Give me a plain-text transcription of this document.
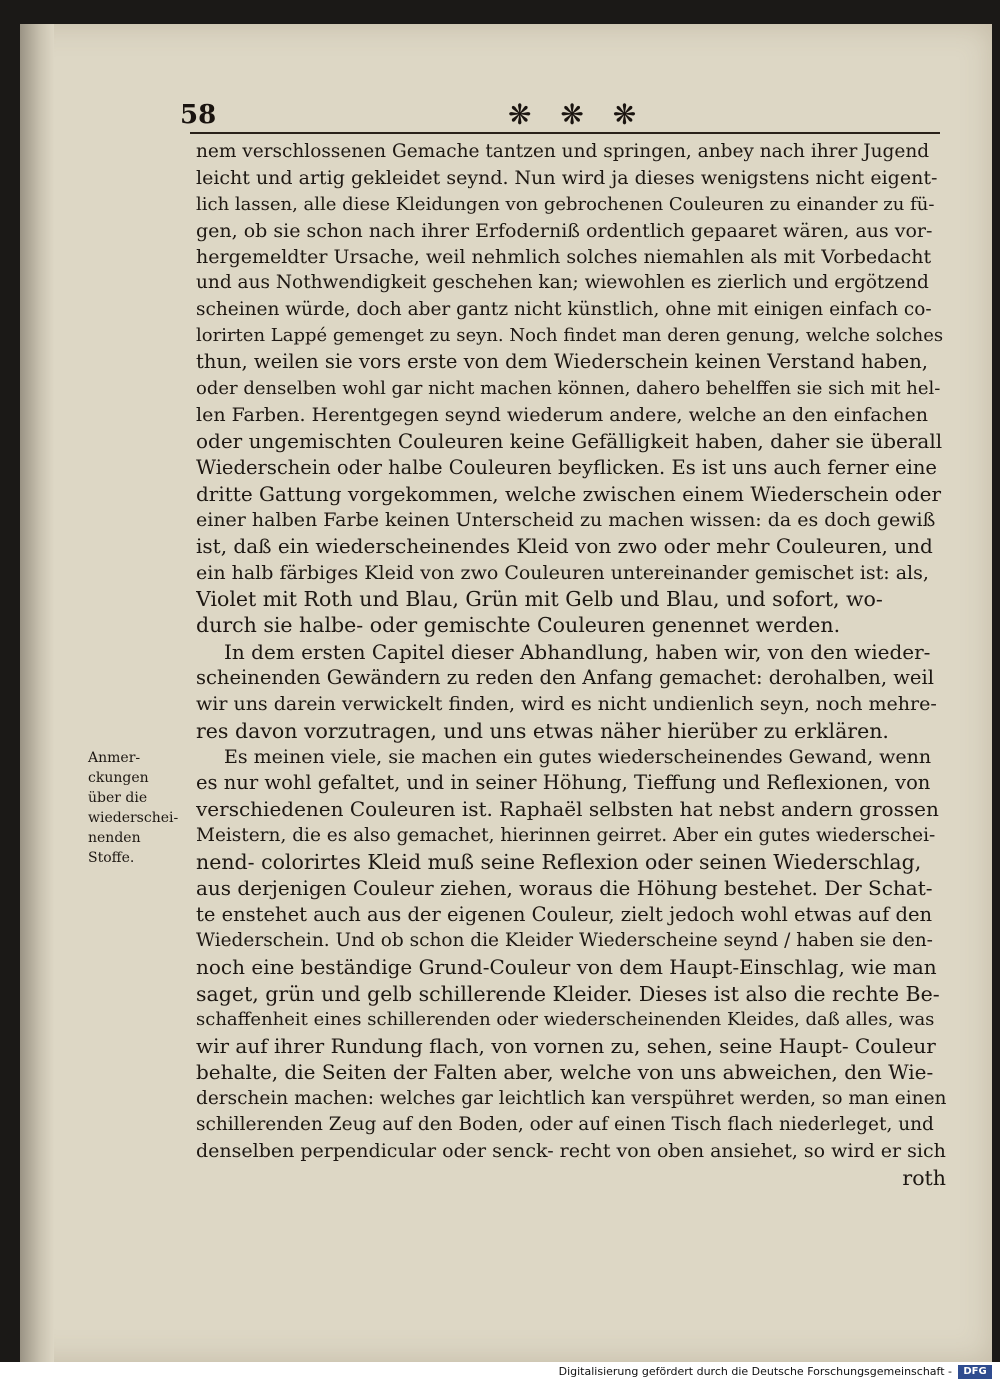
58	❋ ❋ ❋
nem verschlossenen Gemache tantzen und springen, anbey nach ihrer Jugend
leicht und artig gekleidet seynd. Nun wird ja dieses wenigstens nicht eigent-
lich lassen, alle diese Kleidungen von gebrochenen Couleuren zu einander zu fü-
gen, ob sie schon nach ihrer Erfoderniß ordentlich gepaaret wären, aus vor-
hergemeldter Ursache, weil nehmlich solches niemahlen als mit Vorbedacht
und aus Nothwendigkeit geschehen kan; wiewohlen es zierlich und ergötzend
scheinen würde, doch aber gantz nicht künstlich, ohne mit einigen einfach co-
lorirten Lappé gemenget zu seyn. Noch findet man deren genung, welche solches
thun, weilen sie vors erste von dem Wiederschein keinen Verstand haben,
oder denselben wohl gar nicht machen können, dahero behelffen sie sich mit hel-
len Farben. Herentgegen seynd wiederum andere, welche an den einfachen
oder ungemischten Couleuren keine Gefälligkeit haben, daher sie überall
Wiederschein oder halbe Couleuren beyflicken. Es ist uns auch ferner eine
dritte Gattung vorgekommen, welche zwischen einem Wiederschein oder
einer halben Farbe keinen Unterscheid zu machen wissen: da es doch gewiß
ist, daß ein wiederscheinendes Kleid von zwo oder mehr Couleuren, und
ein halb färbiges Kleid von zwo Couleuren untereinander gemischet ist: als,
Violet mit Roth und Blau, Grün mit Gelb und Blau, und sofort, wo-
durch sie halbe- oder gemischte Couleuren genennet werden.
In dem ersten Capitel dieser Abhandlung, haben wir, von den wieder-
scheinenden Gewändern zu reden den Anfang gemachet: derohalben, weil
wir uns darein verwickelt finden, wird es nicht undienlich seyn, noch mehre-
res davon vorzutragen, und uns etwas näher hierüber zu erklären.
Es meinen viele, sie machen ein gutes wiederscheinendes Gewand, wenn
es nur wohl gefaltet, und in seiner Höhung, Tieffung und Reflexionen, von
verschiedenen Couleuren ist. Raphaël selbsten hat nebst andern grossen
Meistern, die es also gemachet, hierinnen geirret. Aber ein gutes wiederschei-
nend- colorirtes Kleid muß seine Reflexion oder seinen Wiederschlag,
aus derjenigen Couleur ziehen, woraus die Höhung bestehet. Der Schat-
te enstehet auch aus der eigenen Couleur, zielt jedoch wohl etwas auf den
Wiederschein. Und ob schon die Kleider Wiederscheine seynd / haben sie den-
noch eine beständige Grund-Couleur von dem Haupt-Einschlag, wie man
saget, grün und gelb schillerende Kleider. Dieses ist also die rechte Be-
schaffenheit eines schillerenden oder wiederscheinenden Kleides, daß alles, was
wir auf ihrer Rundung flach, von vornen zu, sehen, seine Haupt- Couleur
behalte, die Seiten der Falten aber, welche von uns abweichen, den Wie-
derschein machen: welches gar leichtlich kan verspühret werden, so man einen
schillerenden Zeug auf den Boden, oder auf einen Tisch flach niederleget, und
denselben perpendicular oder senck- recht von oben ansiehet, so wird er sich
roth
Anmer-
ckungen
über die
wiederschei-
nenden
Stoffe.
Digitalisierung gefördert durch die Deutsche Forschungsgemeinschaft -	DFG
